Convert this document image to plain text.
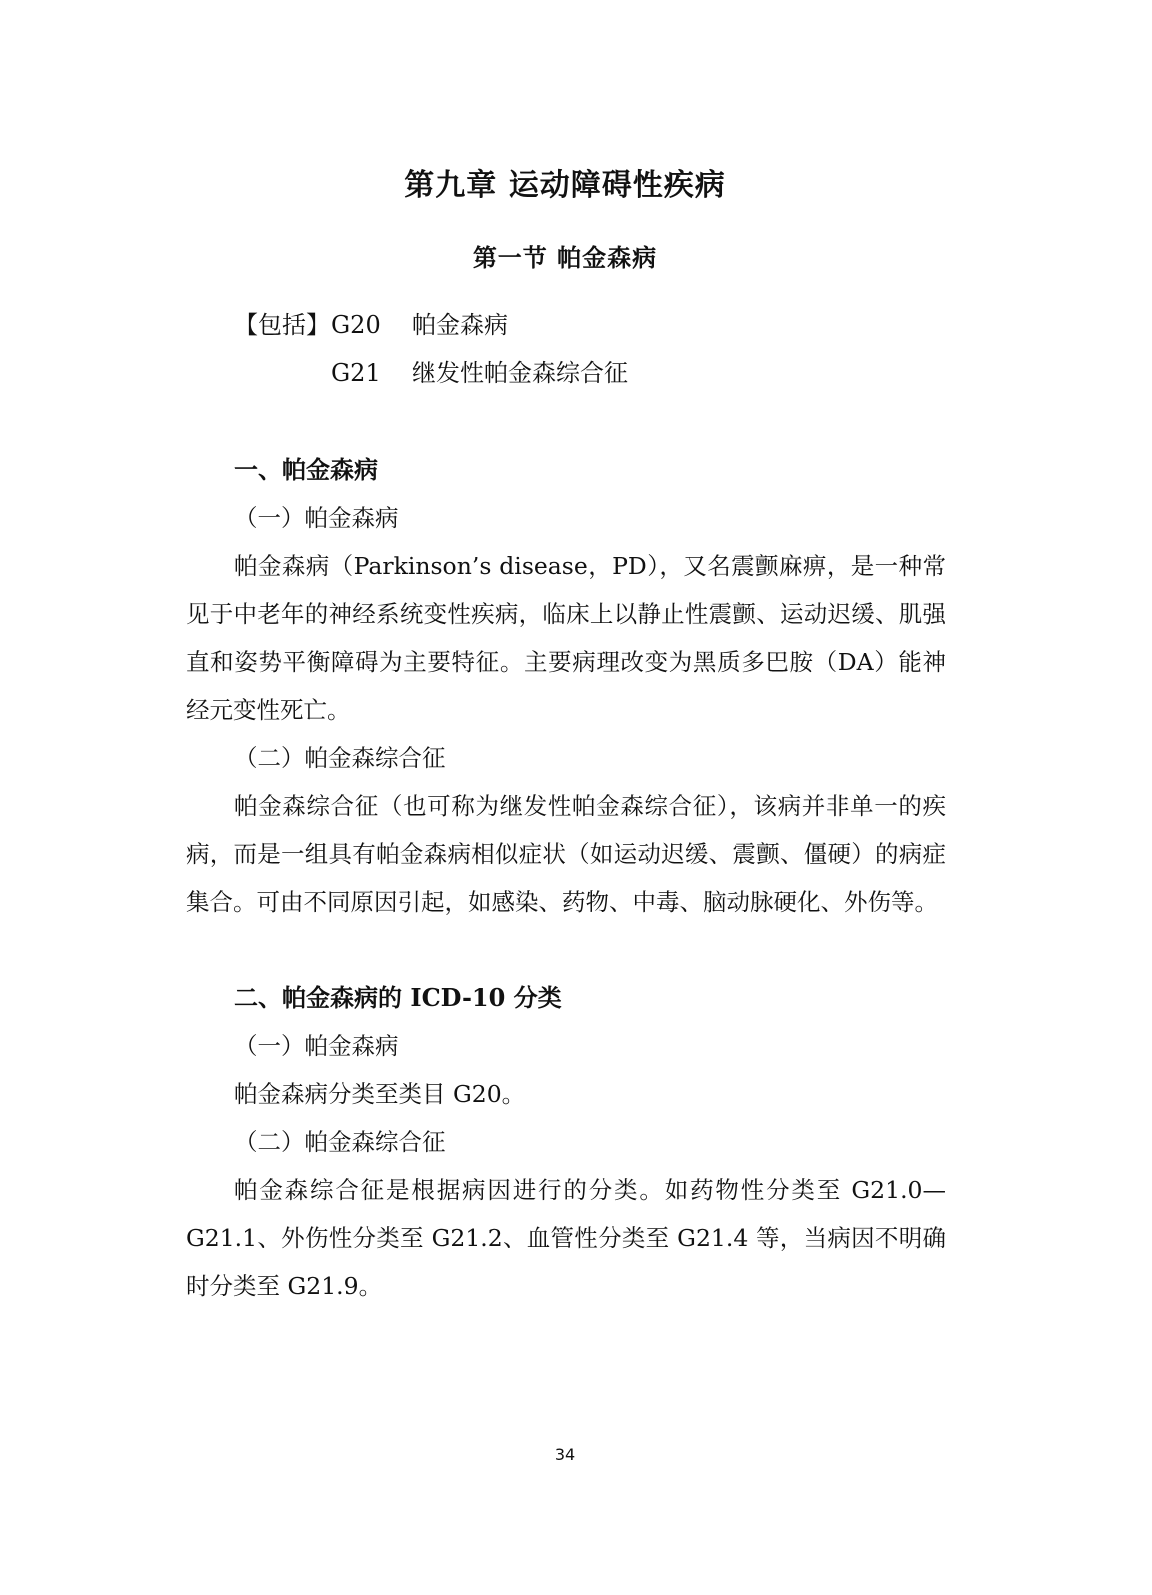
第九章 运动障碍性疾病
第一节 帕金森病
【包括】 G20 帕金森病
G21 继发性帕金森综合征
一、帕金森病
（一）帕金森病
帕金森病（Parkinson’s disease，PD），又名震颤麻痹，是一种常见于中老年的神经系统变性疾病，临床上以静止性震颤、运动迟缓、肌强直和姿势平衡障碍为主要特征。主要病理改变为黑质多巴胺（DA）能神经元变性死亡。
（二）帕金森综合征
帕金森综合征（也可称为继发性帕金森综合征），该病并非单一的疾病，而是一组具有帕金森病相似症状（如运动迟缓、震颤、僵硬）的病症集合。可由不同原因引起，如感染、药物、中毒、脑动脉硬化、外伤等。
二、帕金森病的 ICD-10 分类
（一）帕金森病
帕金森病分类至类目 G20。
（二）帕金森综合征
帕金森综合征是根据病因进行的分类。如药物性分类至 G21.0—G21.1、外伤性分类至 G21.2、血管性分类至 G21.4 等，当病因不明确时分类至 G21.9。
34
